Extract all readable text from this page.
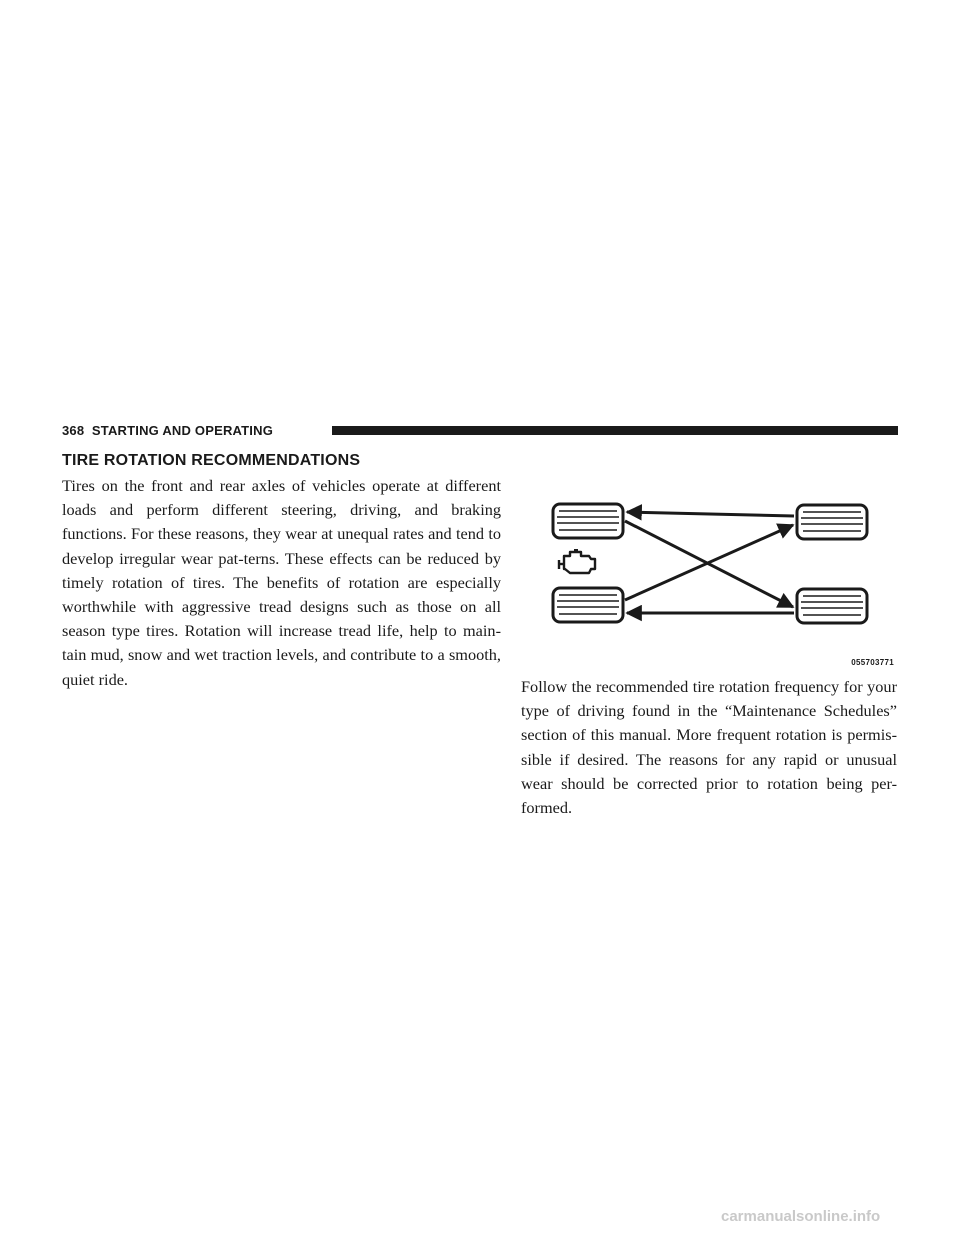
368 STARTING AND OPERATING
TIRE ROTATION RECOMMENDATIONS

Tires on the front and rear axles of vehicles operate at different loads and perform different steering, driving, and braking functions. For these reasons, they wear at unequal rates and tend to develop irregular wear pat-terns. These effects can be reduced by timely rotation of tires. The benefits of rotation are especially worthwhile with aggressive tread designs such as those on all season type tires. Rotation will increase tread life, help to main-tain mud, snow and wet traction levels, and contribute to a smooth, quiet ride.

055703771

Follow the recommended tire rotation frequency for your type of driving found in the “Maintenance Schedules” section of this manual. More frequent rotation is permis-sible if desired. The reasons for any rapid or unusual wear should be corrected prior to rotation being per-formed.

carmanualsonline.info
